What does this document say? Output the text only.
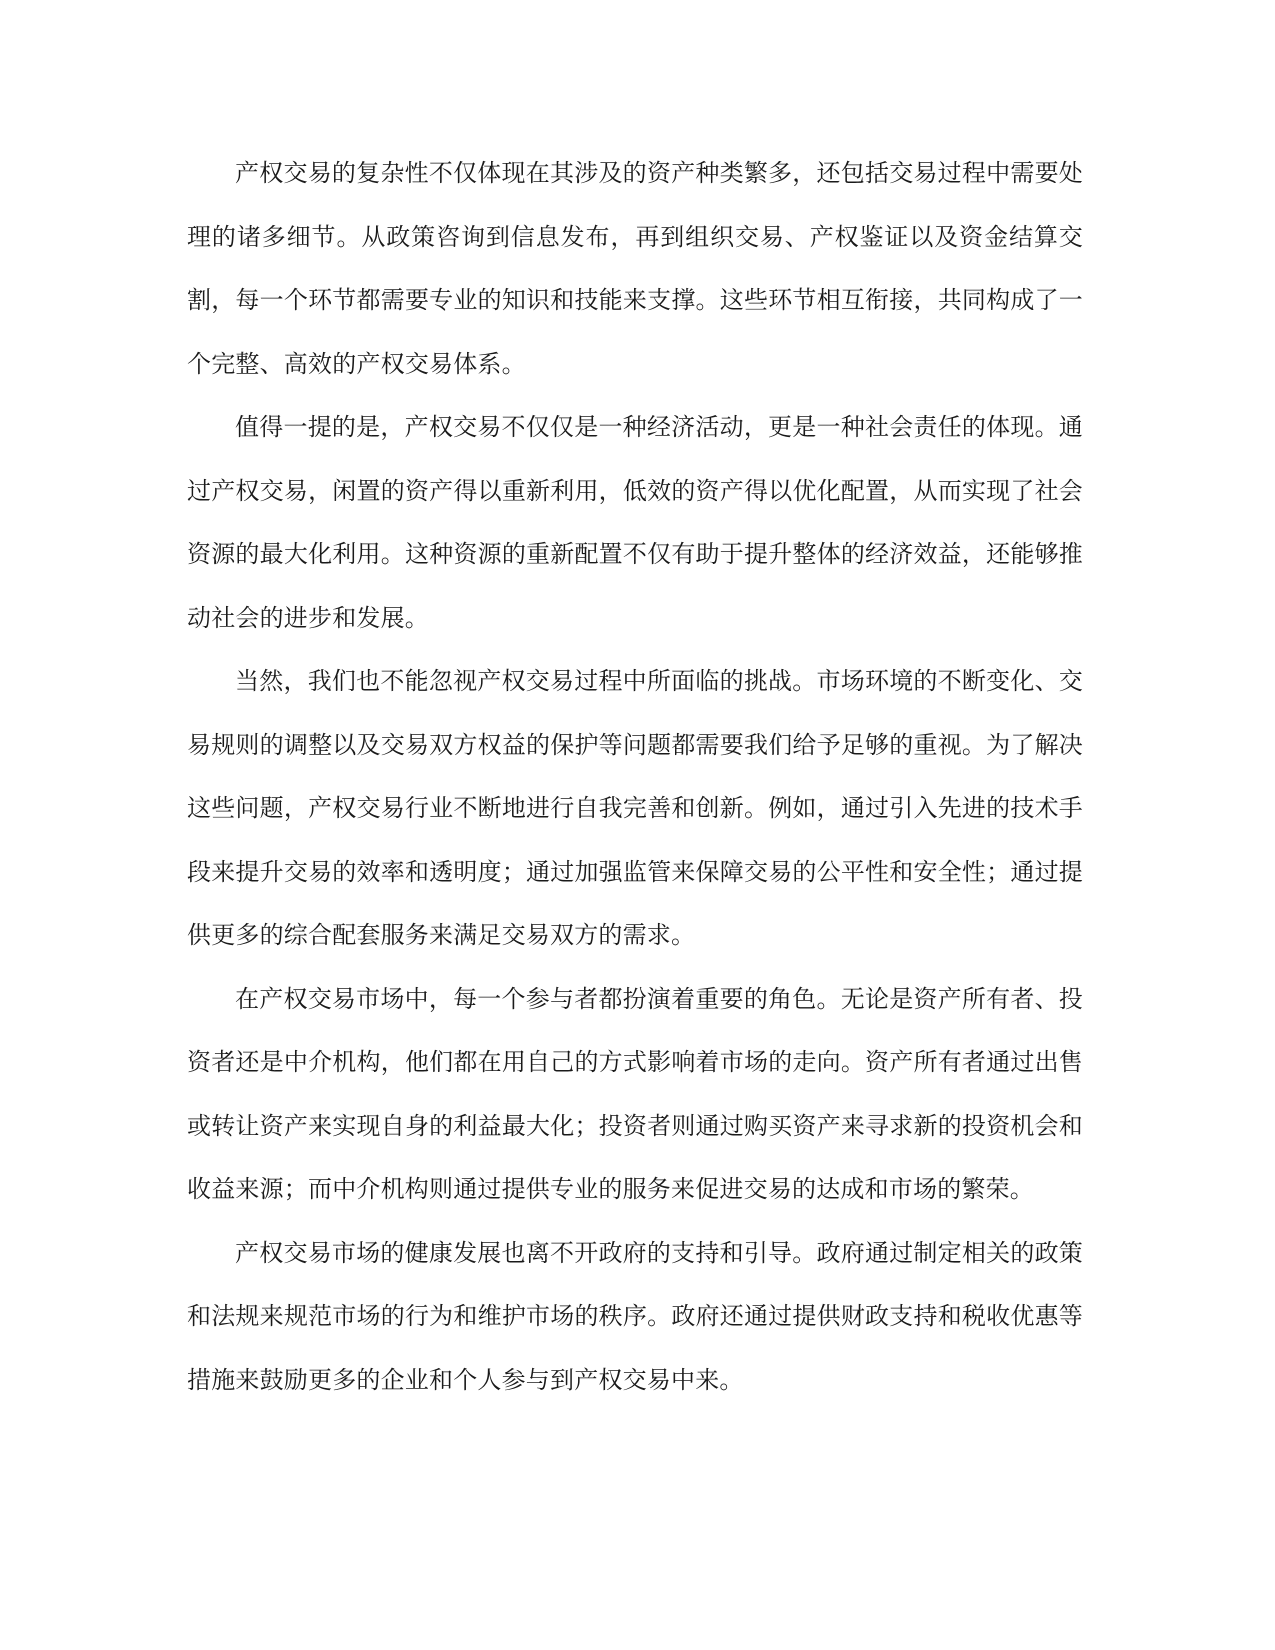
产权交易的复杂性不仅体现在其涉及的资产种类繁多，还包括交易过程中需要处理的诸多细节。从政策咨询到信息发布，再到组织交易、产权鉴证以及资金结算交割，每一个环节都需要专业的知识和技能来支撑。这些环节相互衔接，共同构成了一个完整、高效的产权交易体系。

值得一提的是，产权交易不仅仅是一种经济活动，更是一种社会责任的体现。通过产权交易，闲置的资产得以重新利用，低效的资产得以优化配置，从而实现了社会资源的最大化利用。这种资源的重新配置不仅有助于提升整体的经济效益，还能够推动社会的进步和发展。

当然，我们也不能忽视产权交易过程中所面临的挑战。市场环境的不断变化、交易规则的调整以及交易双方权益的保护等问题都需要我们给予足够的重视。为了解决这些问题，产权交易行业不断地进行自我完善和创新。例如，通过引入先进的技术手段来提升交易的效率和透明度；通过加强监管来保障交易的公平性和安全性；通过提供更多的综合配套服务来满足交易双方的需求。

在产权交易市场中，每一个参与者都扮演着重要的角色。无论是资产所有者、投资者还是中介机构，他们都在用自己的方式影响着市场的走向。资产所有者通过出售或转让资产来实现自身的利益最大化；投资者则通过购买资产来寻求新的投资机会和收益来源；而中介机构则通过提供专业的服务来促进交易的达成和市场的繁荣。

产权交易市场的健康发展也离不开政府的支持和引导。政府通过制定相关的政策和法规来规范市场的行为和维护市场的秩序。政府还通过提供财政支持和税收优惠等措施来鼓励更多的企业和个人参与到产权交易中来。
